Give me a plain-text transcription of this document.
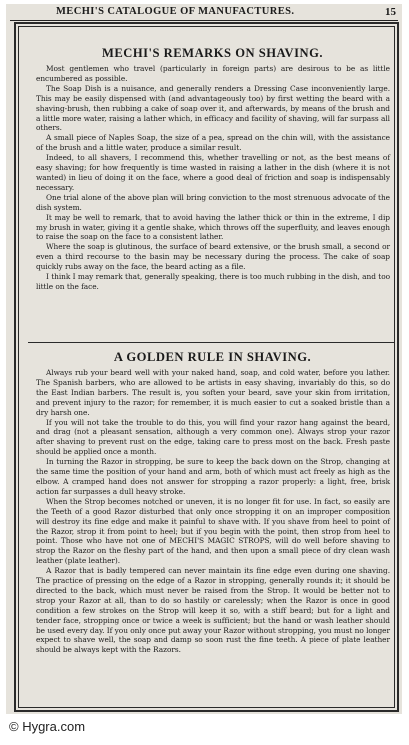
MECHI'S CATALOGUE OF MANUFACTURES.	15
MECHI'S REMARKS ON SHAVING.

Most gentlemen who travel (particularly in foreign parts) are desirous to be as little encumbered as possible.

The Soap Dish is a nuisance, and generally renders a Dressing Case inconveniently large. This may be easily dispensed with (and advantageously too) by first wetting the beard with a shaving-brush, then rubbing a cake of soap over it, and afterwards, by means of the brush and a little more water, raising a lather which, in efficacy and facility of shaving, will far surpass all others.

A small piece of Naples Soap, the size of a pea, spread on the chin will, with the assistance of the brush and a little water, produce a similar result.

Indeed, to all shavers, I recommend this, whether travelling or not, as the best means of easy shaving; for how frequently is time wasted in raising a lather in the dish (where it is not wanted) in lieu of doing it on the face, where a good deal of friction and soap is indispensably necessary.

One trial alone of the above plan will bring conviction to the most strenuous advocate of the dish system.

It may be well to remark, that to avoid having the lather thick or thin in the extreme, I dip my brush in water, giving it a gentle shake, which throws off the superfluity, and leaves enough to raise the soap on the face to a consistent lather.

Where the soap is glutinous, the surface of beard extensive, or the brush small, a second or even a third recourse to the basin may be necessary during the process. The cake of soap quickly rubs away on the face, the beard acting as a file.

I think I may remark that, generally speaking, there is too much rubbing in the dish, and too little on the face.

A GOLDEN RULE IN SHAVING.

Always rub your beard well with your naked hand, soap, and cold water, before you lather. The Spanish barbers, who are allowed to be artists in easy shaving, invariably do this, so do the East Indian barbers. The result is, you soften your beard, save your skin from irritation, and prevent injury to the razor; for remember, it is much easier to cut a soaked bristle than a dry harsh one.

If you will not take the trouble to do this, you will find your razor hang against the beard, and drag (not a pleasant sensation, although a very common one). Always strop your razor after shaving to prevent rust on the edge, taking care to press most on the back. Fresh paste should be applied once a month.

In turning the Razor in stropping, be sure to keep the back down on the Strop, changing at the same time the position of your hand and arm, both of which must act freely as high as the elbow. A cramped hand does not answer for stropping a razor properly: a light, free, brisk action far surpasses a dull heavy stroke.

When the Strop becomes notched or uneven, it is no longer fit for use. In fact, so easily are the Teeth of a good Razor disturbed that only once stropping it on an improper composition will destroy its fine edge and make it painful to shave with. If you shave from heel to point of the Razor, strop it from point to heel; but if you begin with the point, then strop from heel to point. Those who have not one of MECHI'S MAGIC STROPS, will do well before shaving to strop the Razor on the fleshy part of the hand, and then upon a small piece of dry clean wash leather (plate leather).

A Razor that is badly tempered can never maintain its fine edge even during one shaving. The practice of pressing on the edge of a Razor in stropping, generally rounds it; it should be directed to the back, which must never be raised from the Strop. It would be better not to strop your Razor at all, than to do so hastily or carelessly; when the Razor is once in good condition a few strokes on the Strop will keep it so, with a stiff beard; but for a light and tender face, stropping once or twice a week is sufficient; but the hand or wash leather should be used every day. If you only once put away your Razor without stropping, you must no longer expect to shave well, the soap and damp so soon rust the fine teeth. A piece of plate leather should be always kept with the Razors.

© Hygra.com
